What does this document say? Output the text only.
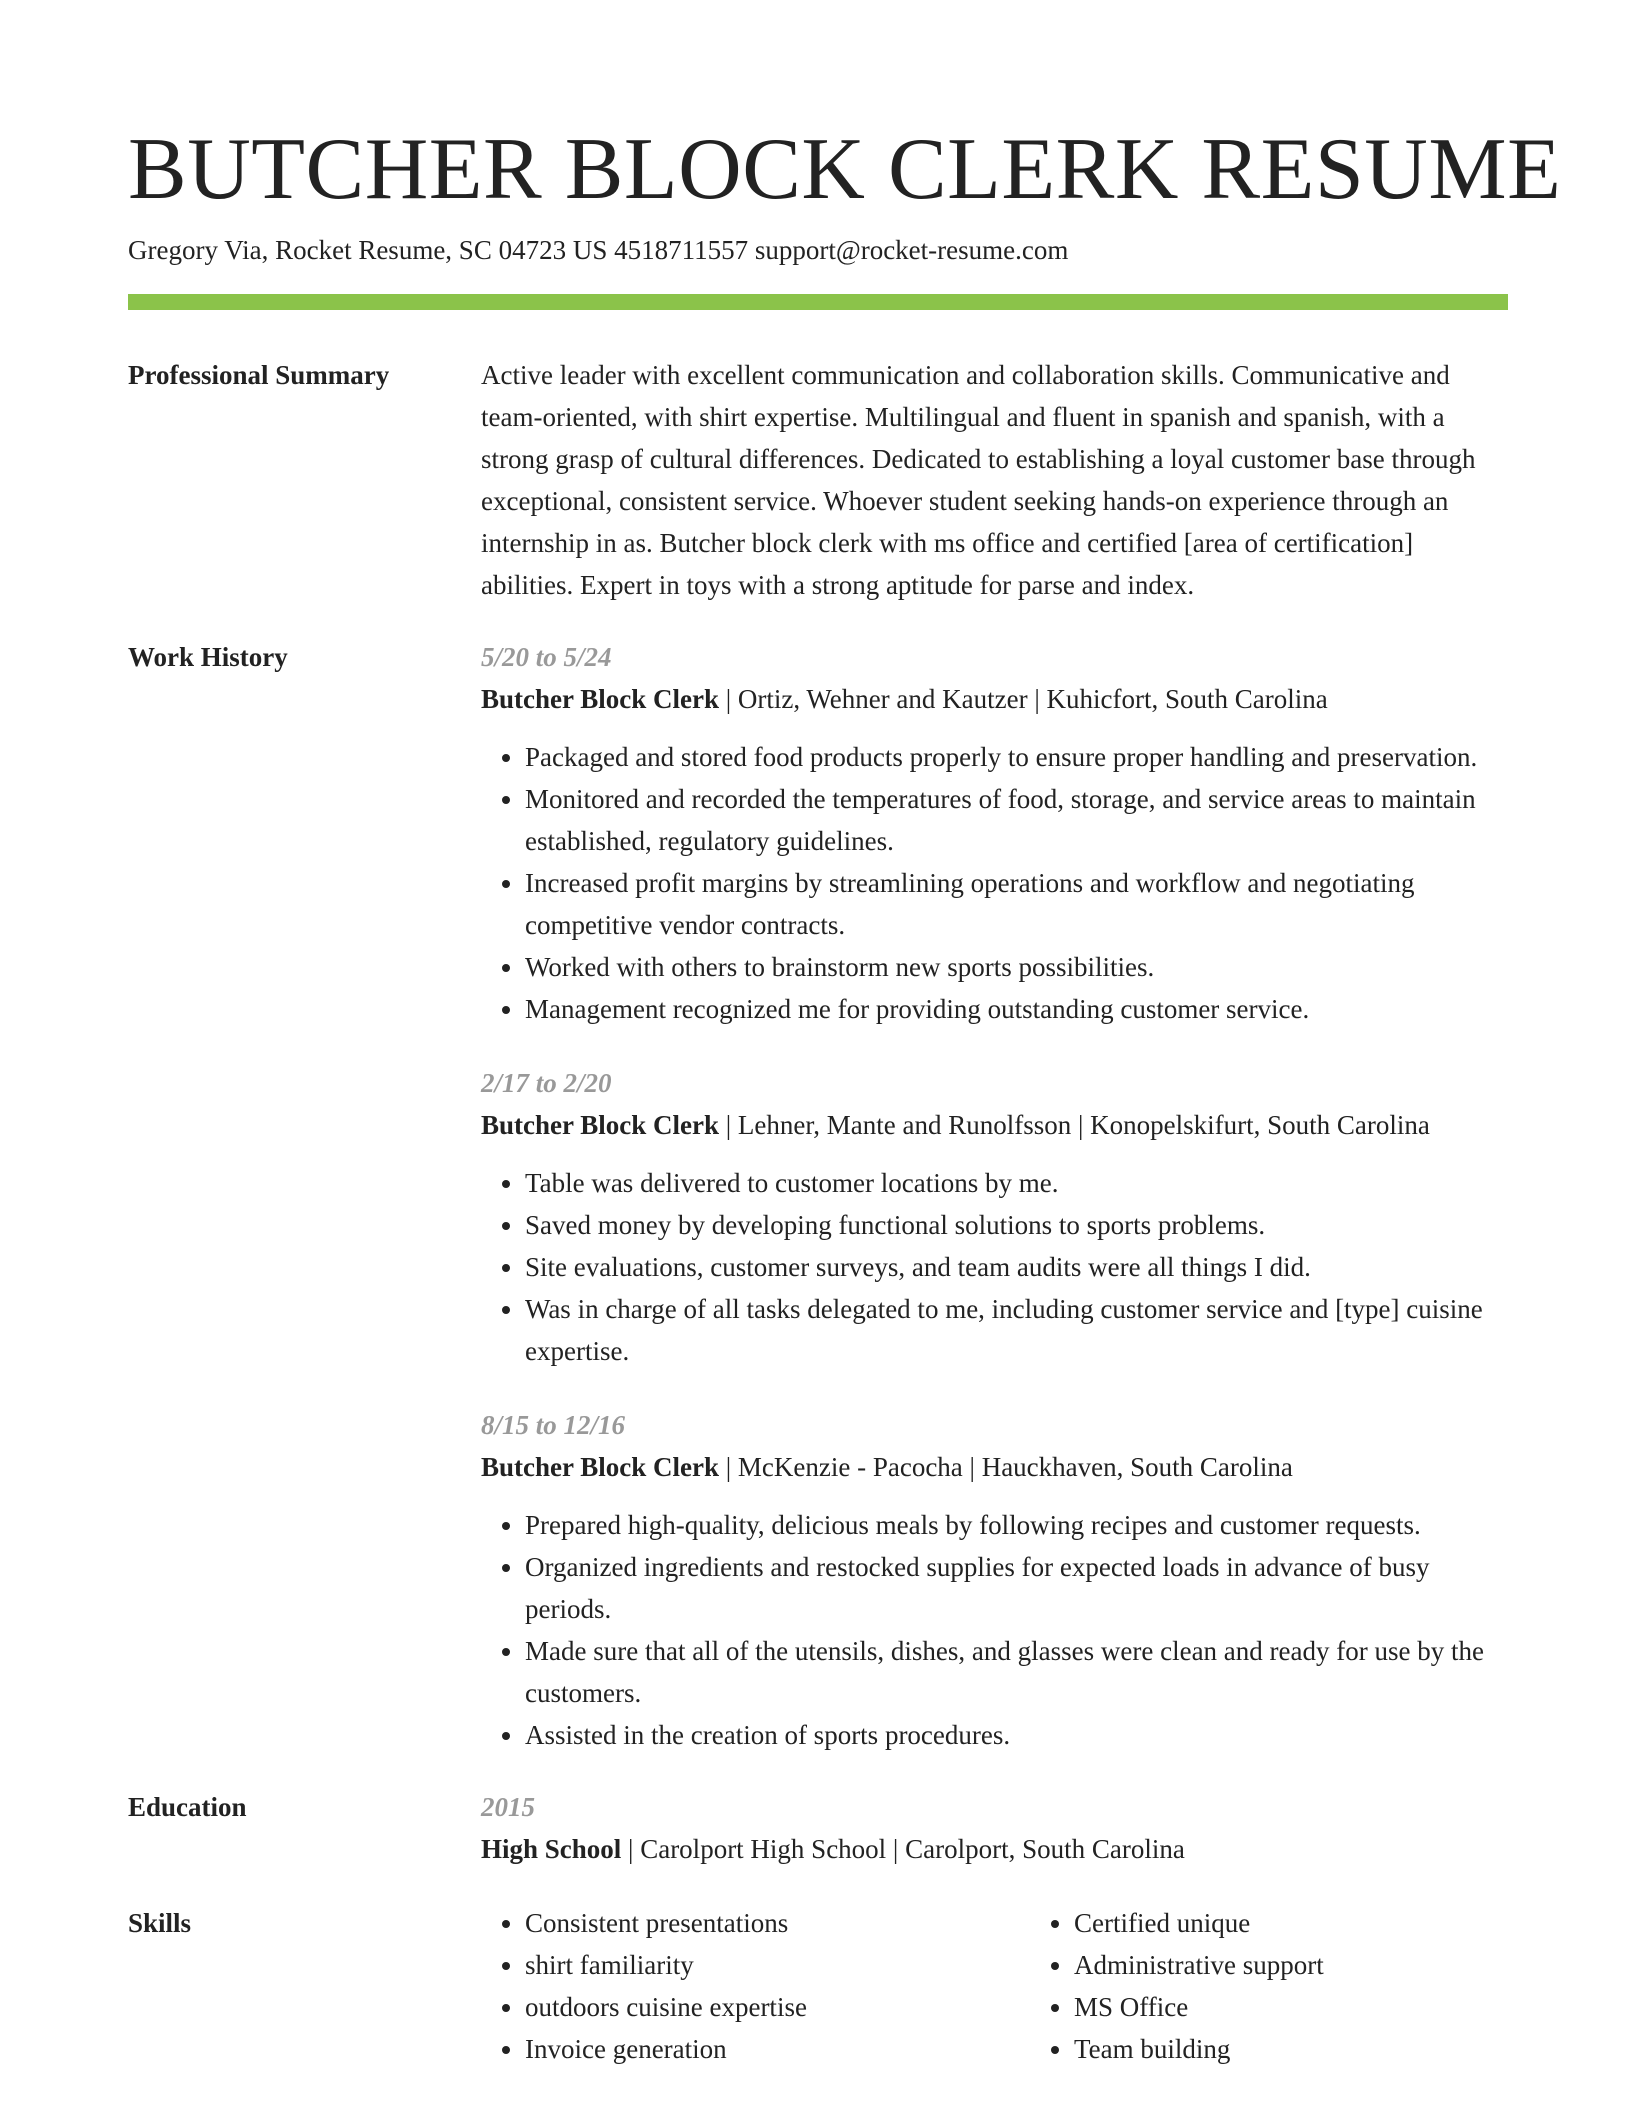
BUTCHER BLOCK CLERK RESUME
Gregory Via, Rocket Resume, SC 04723 US 4518711557 support@rocket-resume.com
Professional Summary	Active leader with excellent communication and collaboration skills. Communicative and team-oriented, with shirt expertise. Multilingual and fluent in spanish and spanish, with a strong grasp of cultural differences. Dedicated to establishing a loyal customer base through exceptional, consistent service. Whoever student seeking hands-on experience through an internship in as. Butcher block clerk with ms office and certified [area of certification] abilities. Expert in toys with a strong aptitude for parse and index.
Work History	5/20 to 5/24
Butcher Block Clerk | Ortiz, Wehner and Kautzer | Kuhicfort, South Carolina
• Packaged and stored food products properly to ensure proper handling and preservation.
• Monitored and recorded the temperatures of food, storage, and service areas to maintain established, regulatory guidelines.
• Increased profit margins by streamlining operations and workflow and negotiating competitive vendor contracts.
• Worked with others to brainstorm new sports possibilities.
• Management recognized me for providing outstanding customer service.
2/17 to 2/20
Butcher Block Clerk | Lehner, Mante and Runolfsson | Konopelskifurt, South Carolina
• Table was delivered to customer locations by me.
• Saved money by developing functional solutions to sports problems.
• Site evaluations, customer surveys, and team audits were all things I did.
• Was in charge of all tasks delegated to me, including customer service and [type] cuisine expertise.
8/15 to 12/16
Butcher Block Clerk | McKenzie - Pacocha | Hauckhaven, South Carolina
• Prepared high-quality, delicious meals by following recipes and customer requests.
• Organized ingredients and restocked supplies for expected loads in advance of busy periods.
• Made sure that all of the utensils, dishes, and glasses were clean and ready for use by the customers.
• Assisted in the creation of sports procedures.
Education	2015
High School | Carolport High School | Carolport, South Carolina
Skills
•	Consistent presentations
• shirt familiarity
• outdoors cuisine expertise
• Invoice generation
• Certified unique
• Administrative support
• MS Office
• Team building
